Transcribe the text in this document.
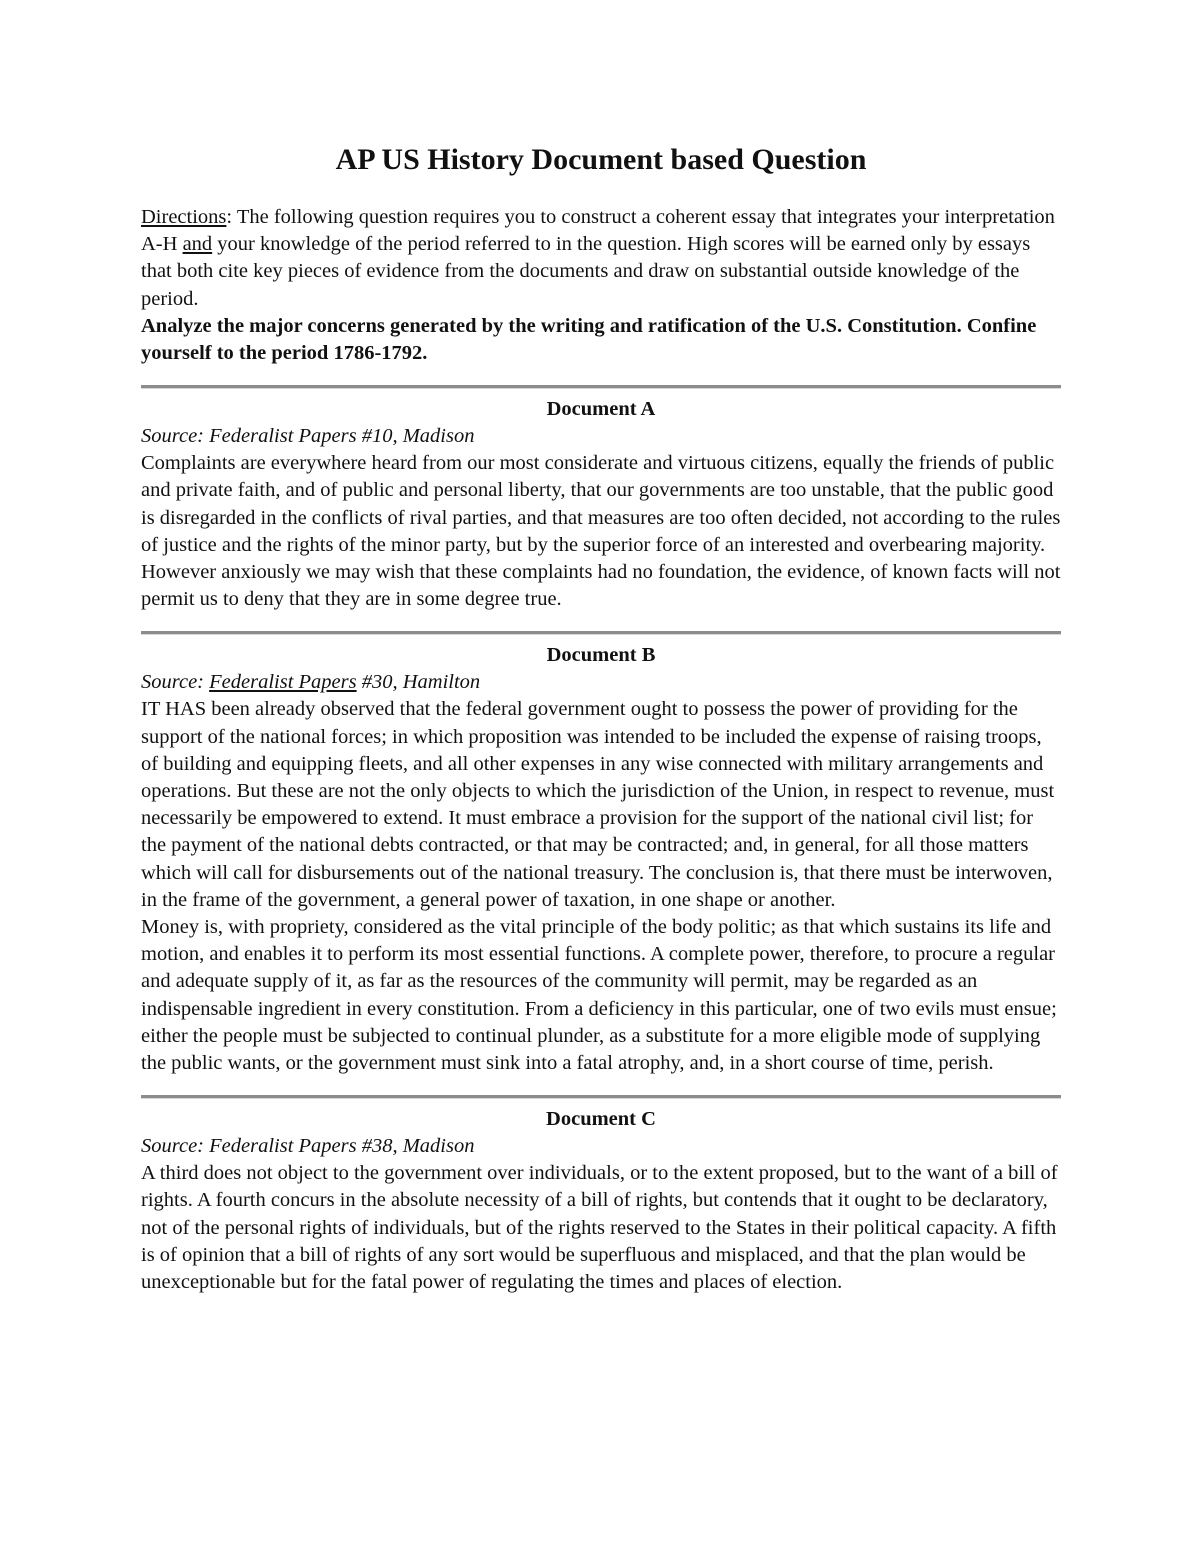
AP US History Document based Question

Directions: The following question requires you to construct a coherent essay that integrates your interpretation A-H and your knowledge of the period referred to in the question. High scores will be earned only by essays that both cite key pieces of evidence from the documents and draw on substantial outside knowledge of the period.

Analyze the major concerns generated by the writing and ratification of the U.S. Constitution. Confine yourself to the period 1786-1792.

Document A

Source: Federalist Papers #10, Madison

Complaints are everywhere heard from our most considerate and virtuous citizens, equally the friends of public and private faith, and of public and personal liberty, that our governments are too unstable, that the public good is disregarded in the conflicts of rival parties, and that measures are too often decided, not according to the rules of justice and the rights of the minor party, but by the superior force of an interested and overbearing majority. However anxiously we may wish that these complaints had no foundation, the evidence, of known facts will not permit us to deny that they are in some degree true.

Document B

Source: Federalist Papers #30, Hamilton

IT HAS been already observed that the federal government ought to possess the power of providing for the support of the national forces; in which proposition was intended to be included the expense of raising troops, of building and equipping fleets, and all other expenses in any wise connected with military arrangements and operations. But these are not the only objects to which the jurisdiction of the Union, in respect to revenue, must necessarily be empowered to extend. It must embrace a provision for the support of the national civil list; for the payment of the national debts contracted, or that may be contracted; and, in general, for all those matters which will call for disbursements out of the national treasury. The conclusion is, that there must be interwoven, in the frame of the government, a general power of taxation, in one shape or another.

Money is, with propriety, considered as the vital principle of the body politic; as that which sustains its life and motion, and enables it to perform its most essential functions. A complete power, therefore, to procure a regular and adequate supply of it, as far as the resources of the community will permit, may be regarded as an indispensable ingredient in every constitution. From a deficiency in this particular, one of two evils must ensue; either the people must be subjected to continual plunder, as a substitute for a more eligible mode of supplying the public wants, or the government must sink into a fatal atrophy, and, in a short course of time, perish.

Document C

Source: Federalist Papers #38, Madison

A third does not object to the government over individuals, or to the extent proposed, but to the want of a bill of rights. A fourth concurs in the absolute necessity of a bill of rights, but contends that it ought to be declaratory, not of the personal rights of individuals, but of the rights reserved to the States in their political capacity. A fifth is of opinion that a bill of rights of any sort would be superfluous and misplaced, and that the plan would be unexceptionable but for the fatal power of regulating the times and places of election.
